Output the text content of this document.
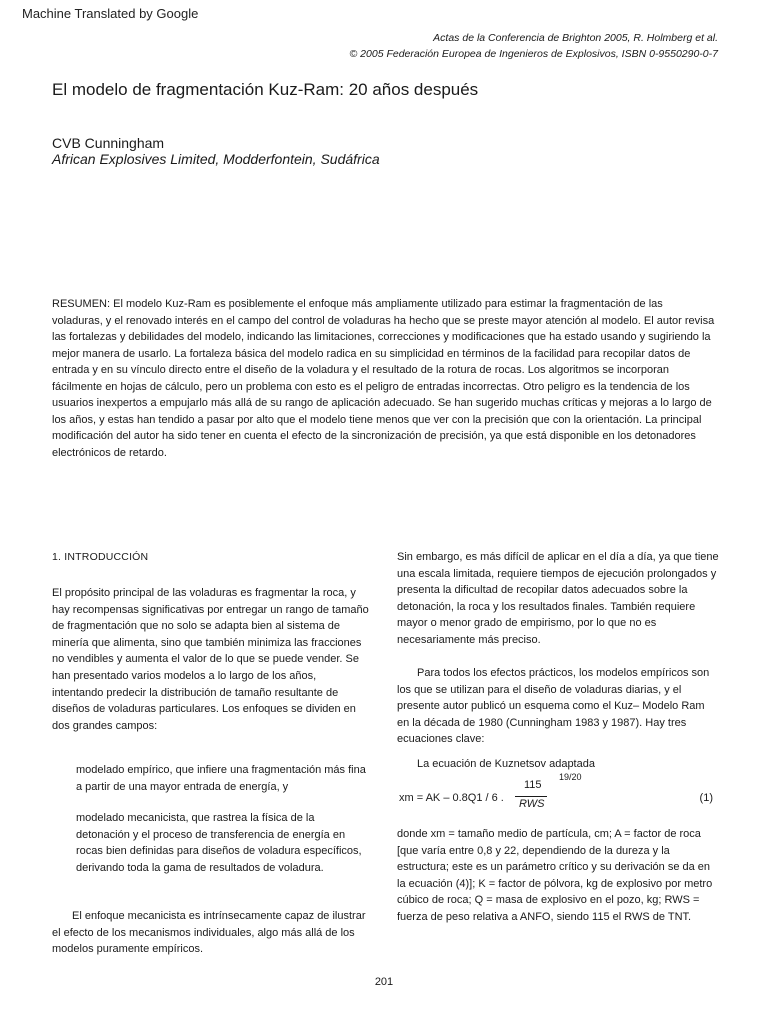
Machine Translated by Google
Actas de la Conferencia de Brighton 2005, R. Holmberg et al.
© 2005 Federación Europea de Ingenieros de Explosivos, ISBN 0-9550290-0-7
El modelo de fragmentación Kuz-Ram: 20 años después
CVB Cunningham
African Explosives Limited, Modderfontein, Sudáfrica

RESUMEN: El modelo Kuz-Ram es posiblemente el enfoque más ampliamente utilizado para estimar la fragmentación de las voladuras, y el renovado interés en el campo del control de voladuras ha hecho que se preste mayor atención al modelo. El autor revisa las fortalezas y debilidades del modelo, indicando las limitaciones, correcciones y modificaciones que ha estado usando y sugiriendo la mejor manera de usarlo. La fortaleza básica del modelo radica en su simplicidad en términos de la facilidad para recopilar datos de entrada y en su vínculo directo entre el diseño de la voladura y el resultado de la rotura de rocas. Los algoritmos se incorporan fácilmente en hojas de cálculo, pero un problema con esto es el peligro de entradas incorrectas. Otro peligro es la tendencia de los usuarios inexpertos a empujarlo más allá de su rango de aplicación adecuado. Se han sugerido muchas críticas y mejoras a lo largo de los años, y estas han tendido a pasar por alto que el modelo tiene menos que ver con la precisión que con la orientación. La principal modificación del autor ha sido tener en cuenta el efecto de la sincronización de precisión, ya que está disponible en los detonadores electrónicos de retardo.

1. INTRODUCCIÓN

El propósito principal de las voladuras es fragmentar la roca, y hay recompensas significativas por entregar un rango de tamaño de fragmentación que no solo se adapta bien al sistema de minería que alimenta, sino que también minimiza las fracciones no vendibles y aumenta el valor de lo que se puede vender. Se han presentado varios modelos a lo largo de los años, intentando predecir la distribución de tamaño resultante de diseños de voladuras particulares. Los enfoques se dividen en dos grandes campos:

modelado empírico, que infiere una fragmentación más fina a partir de una mayor entrada de energía, y

modelado mecanicista, que rastrea la física de la detonación y el proceso de transferencia de energía en rocas bien definidas para diseños de voladura específicos, derivando toda la gama de resultados de voladura.

El enfoque mecanicista es intrínsecamente capaz de ilustrar el efecto de los mecanismos individuales, algo más allá de los modelos puramente empíricos.

Sin embargo, es más difícil de aplicar en el día a día, ya que tiene una escala limitada, requiere tiempos de ejecución prolongados y presenta la dificultad de recopilar datos adecuados sobre la detonación, la roca y los resultados finales. También requiere mayor o menor grado de empirismo, por lo que no es necesariamente más preciso.

Para todos los efectos prácticos, los modelos empíricos son los que se utilizan para el diseño de voladuras diarias, y el presente autor publicó un esquema como el Kuz– Modelo Ram en la década de 1980 (Cunningham 1983 y 1987). Hay tres ecuaciones clave:

La ecuación de Kuznetsov adaptada
19/20
xm = AK – 0.8Q1 / 6 .
115
RWS	(1)

donde xm = tamaño medio de partícula, cm; A = factor de roca [que varía entre 0,8 y 22, dependiendo de la dureza y la estructura; este es un parámetro crítico y su derivación se da en la ecuación (4)]; K = factor de pólvora, kg de explosivo por metro cúbico de roca; Q = masa de explosivo en el pozo, kg; RWS = fuerza de peso relativa a ANFO, siendo 115 el RWS de TNT.

201
